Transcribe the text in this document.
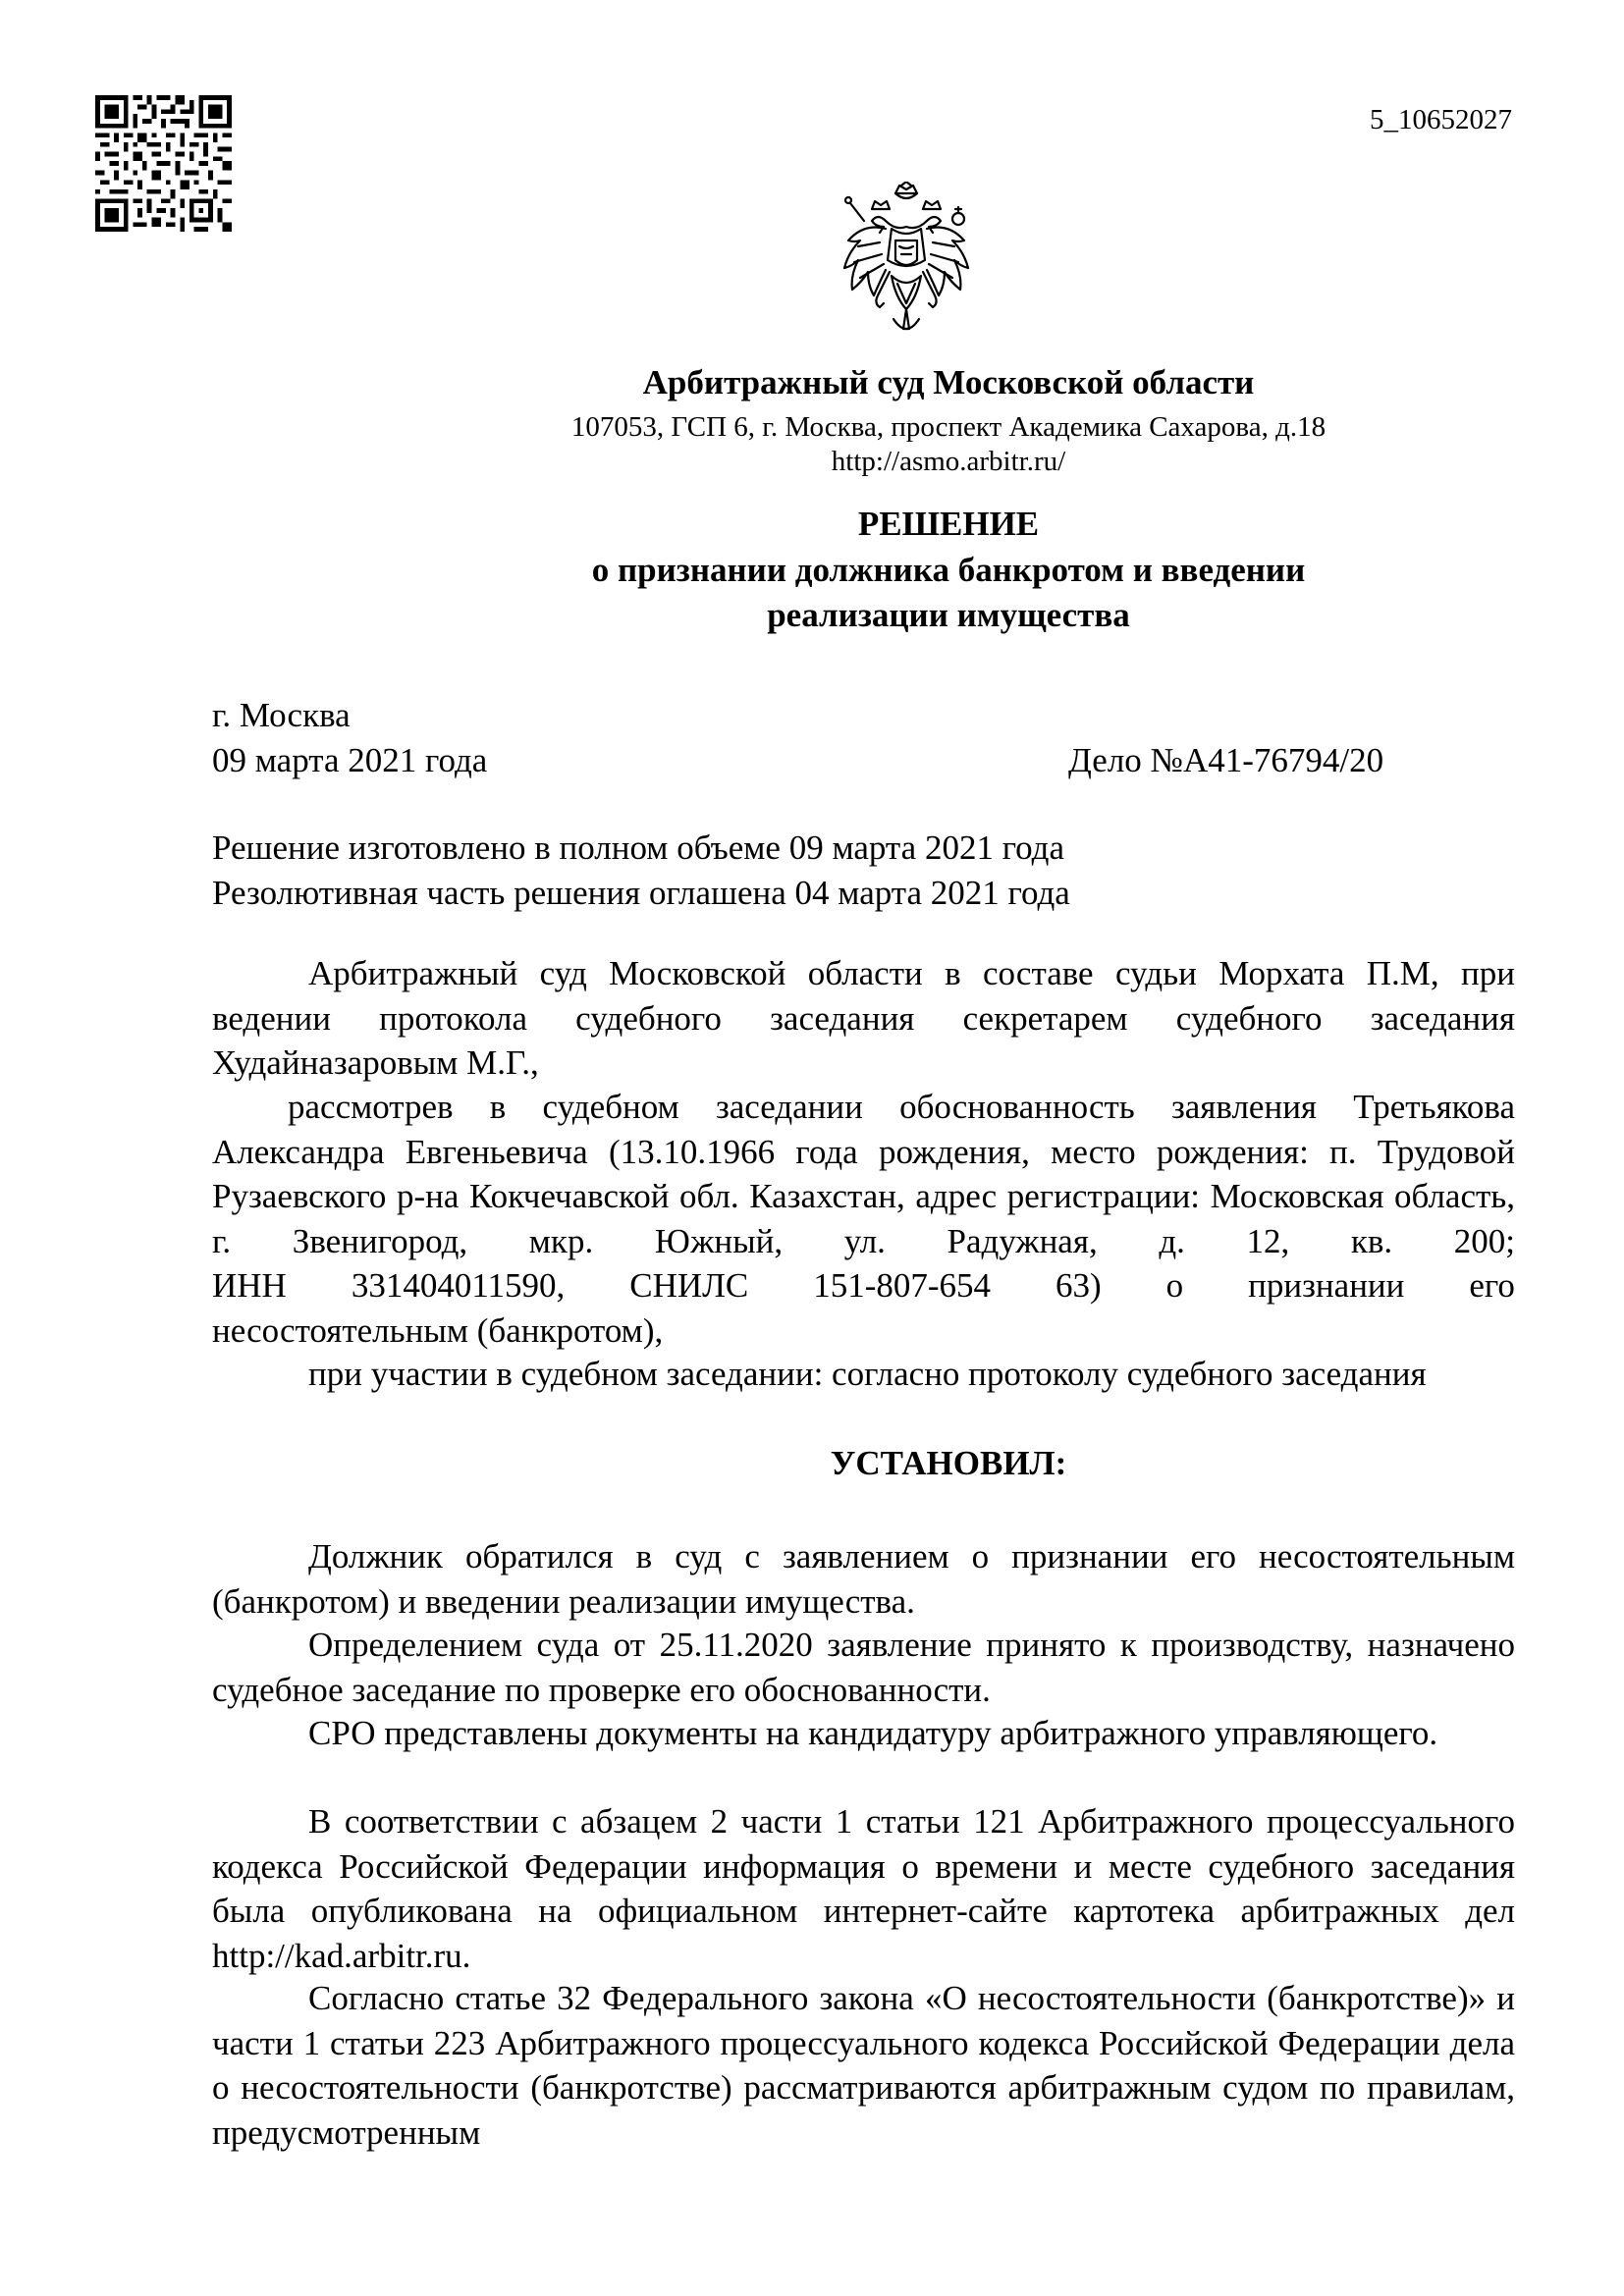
5_10652027
Арбитражный суд Московской области
107053, ГСП 6, г. Москва, проспект Академика Сахарова, д.18
http://asmo.arbitr.ru/
РЕШЕНИЕ
о признании должника банкротом и введении
реализации имущества
г. Москва
09 марта 2021 года	Дело №А41-76794/20
Решение изготовлено в полном объеме 09 марта 2021 года
Резолютивная часть решения оглашена 04 марта 2021 года
Арбитражный суд Московской области в составе судьи Морхата П.М, при ведении протокола судебного заседания секретарем судебного заседания Худайназаровым М.Г.,
рассмотрев в судебном заседании обоснованность заявления Третьякова Александра Евгеньевича (13.10.1966 года рождения, место рождения: п. Трудовой Рузаевского р-на Кокчечавской обл. Казахстан, адрес регистрации: Московская область, г. Звенигород, мкр. Южный, ул. Радужная, д. 12, кв. 200;
ИНН 331404011590, СНИЛС 151-807-654 63) о признании его
несостоятельным (банкротом),
при участии в судебном заседании: согласно протоколу судебного заседания
УСТАНОВИЛ:
Должник обратился в суд с заявлением о признании его несостоятельным (банкротом) и введении реализации имущества.
Определением суда от 25.11.2020 заявление принято к производству, назначено судебное заседание по проверке его обоснованности.
СРО представлены документы на кандидатуру арбитражного управляющего.
В соответствии с абзацем 2 части 1 статьи 121 Арбитражного процессуального кодекса Российской Федерации информация о времени и месте судебного заседания была опубликована на официальном интернет-сайте картотека арбитражных дел http://kad.arbitr.ru.
Согласно статье 32 Федерального закона «О несостоятельности (банкротстве)» и части 1 статьи 223 Арбитражного процессуального кодекса Российской Федерации дела о несостоятельности (банкротстве) рассматриваются арбитражным судом по правилам, предусмотренным
